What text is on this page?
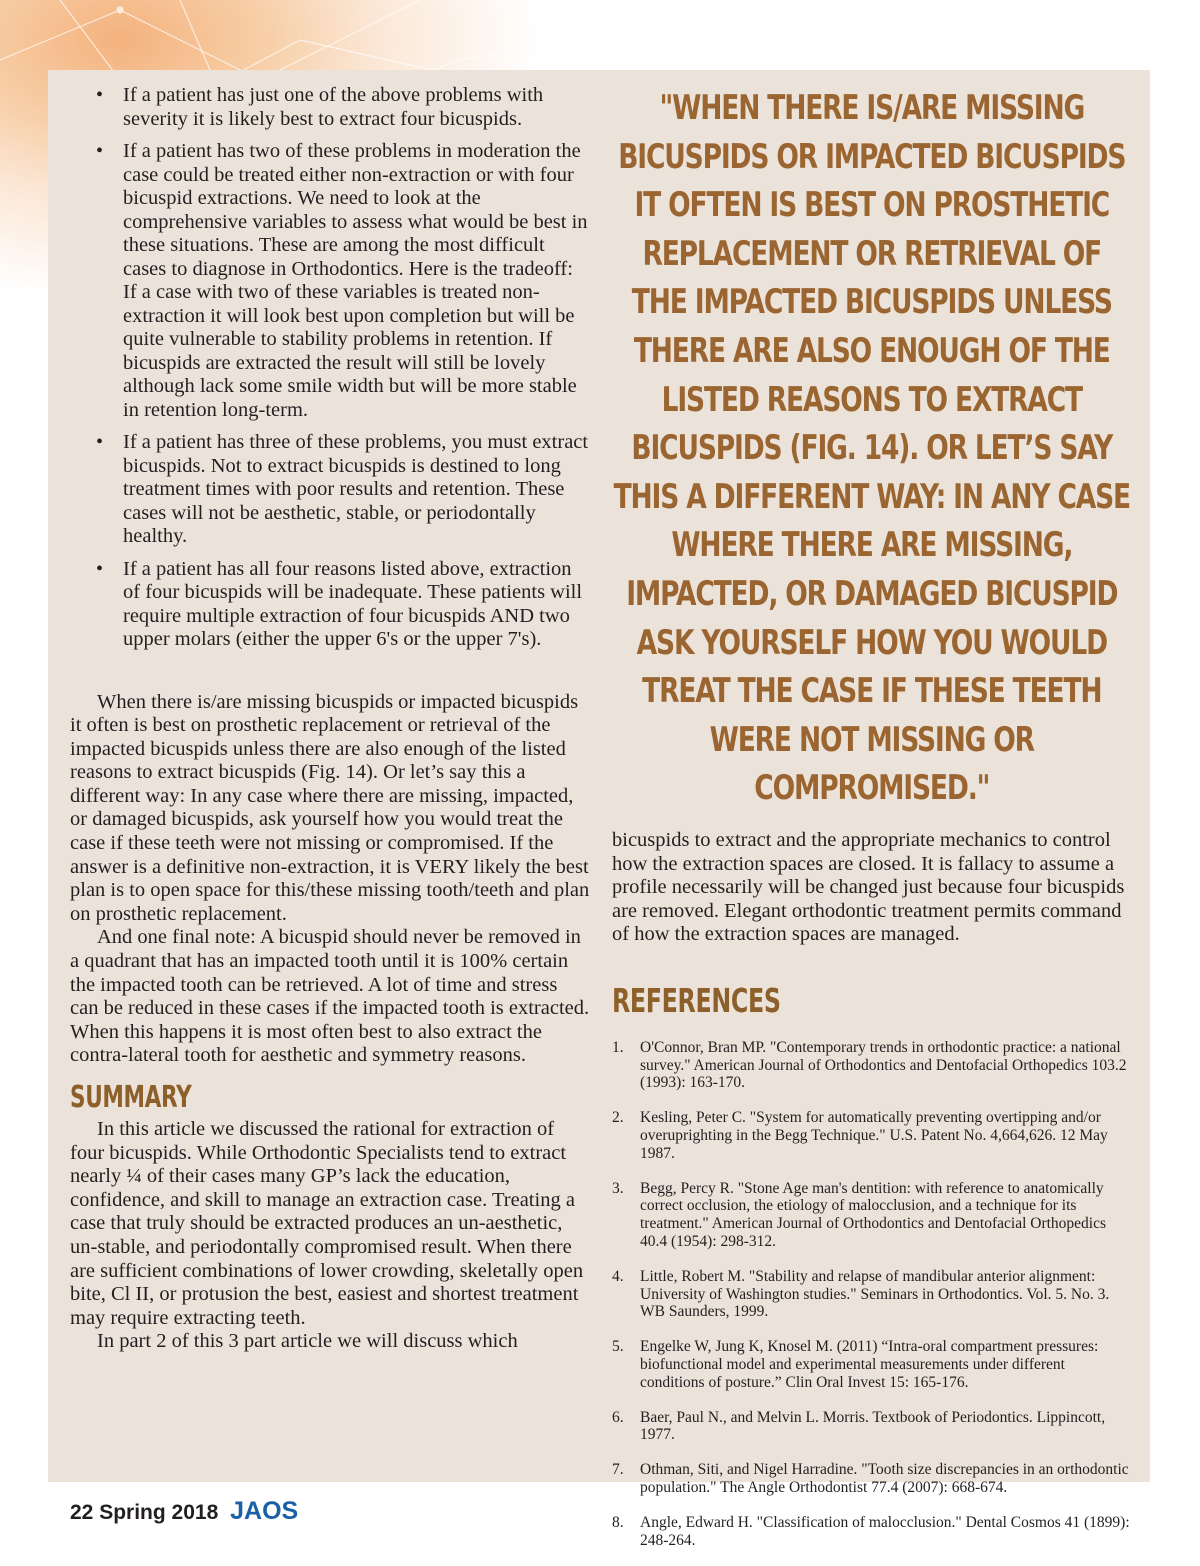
• If a patient has just one of the above problems with severity it is likely best to extract four bicuspids.
• If a patient has two of these problems in moderation the case could be treated either non-extraction or with four bicuspid extractions. We need to look at the comprehensive variables to assess what would be best in these situations. These are among the most difficult cases to diagnose in Orthodontics. Here is the tradeoff: If a case with two of these variables is treated non-extraction it will look best upon completion but will be quite vulnerable to stability problems in retention. If bicuspids are extracted the result will still be lovely although lack some smile width but will be more stable in retention long-term.
• If a patient has three of these problems, you must extract bicuspids. Not to extract bicuspids is destined to long treatment times with poor results and retention. These cases will not be aesthetic, stable, or periodontally healthy.
• If a patient has all four reasons listed above, extraction of four bicuspids will be inadequate. These patients will require multiple extraction of four bicuspids AND two upper molars (either the upper 6's or the upper 7's).

When there is/are missing bicuspids or impacted bicuspids it often is best on prosthetic replacement or retrieval of the impacted bicuspids unless there are also enough of the listed reasons to extract bicuspids (Fig. 14). Or let’s say this a different way: In any case where there are missing, impacted, or damaged bicuspids, ask yourself how you would treat the case if these teeth were not missing or compromised. If the answer is a definitive non-extraction, it is VERY likely the best plan is to open space for this/these missing tooth/teeth and plan on prosthetic replacement.

And one final note: A bicuspid should never be removed in a quadrant that has an impacted tooth until it is 100% certain the impacted tooth can be retrieved. A lot of time and stress can be reduced in these cases if the impacted tooth is extracted. When this happens it is most often best to also extract the contra-lateral tooth for aesthetic and symmetry reasons.

SUMMARY

In this article we discussed the rational for extraction of four bicuspids. While Orthodontic Specialists tend to extract nearly ¼ of their cases many GP’s lack the education, confidence, and skill to manage an extraction case. Treating a case that truly should be extracted produces an un-aesthetic, un-stable, and periodontally compromised result. When there are sufficient combinations of lower crowding, skeletally open bite, Cl II, or protusion the best, easiest and shortest treatment may require extracting teeth.

In part 2 of this 3 part article we will discuss which

"WHEN THERE IS/ARE MISSING BICUSPIDS OR IMPACTED BICUSPIDS IT OFTEN IS BEST ON PROSTHETIC REPLACEMENT OR RETRIEVAL OF THE IMPACTED BICUSPIDS UNLESS THERE ARE ALSO ENOUGH OF THE LISTED REASONS TO EXTRACT BICUSPIDS (FIG. 14). OR LET’S SAY THIS A DIFFERENT WAY: IN ANY CASE WHERE THERE ARE MISSING, IMPACTED, OR DAMAGED BICUSPID ASK YOURSELF HOW YOU WOULD TREAT THE CASE IF THESE TEETH WERE NOT MISSING OR COMPROMISED."

bicuspids to extract and the appropriate mechanics to control how the extraction spaces are closed. It is fallacy to assume a profile necessarily will be changed just because four bicuspids are removed. Elegant orthodontic treatment permits command of how the extraction spaces are managed.

REFERENCES
1. O'Connor, Bran MP. "Contemporary trends in orthodontic practice: a national survey." American Journal of Orthodontics and Dentofacial Orthopedics 103.2 (1993): 163-170.
2. Kesling, Peter C. "System for automatically preventing overtipping and/or overuprighting in the Begg Technique." U.S. Patent No. 4,664,626. 12 May 1987.
3. Begg, Percy R. "Stone Age man's dentition: with reference to anatomically correct occlusion, the etiology of malocclusion, and a technique for its treatment." American Journal of Orthodontics and Dentofacial Orthopedics 40.4 (1954): 298-312.
4. Little, Robert M. "Stability and relapse of mandibular anterior alignment: University of Washington studies." Seminars in Orthodontics. Vol. 5. No. 3. WB Saunders, 1999.
5. Engelke W, Jung K, Knosel M. (2011) “Intra-oral compartment pressures: biofunctional model and experimental measurements under different conditions of posture.” Clin Oral Invest 15: 165-176.
6. Baer, Paul N., and Melvin L. Morris. Textbook of Periodontics. Lippincott, 1977.
7. Othman, Siti, and Nigel Harradine. "Tooth size discrepancies in an orthodontic population." The Angle Orthodontist 77.4 (2007): 668-674.
8. Angle, Edward H. "Classification of malocclusion." Dental Cosmos 41 (1899): 248-264.
22 Spring 2018 JAOS
